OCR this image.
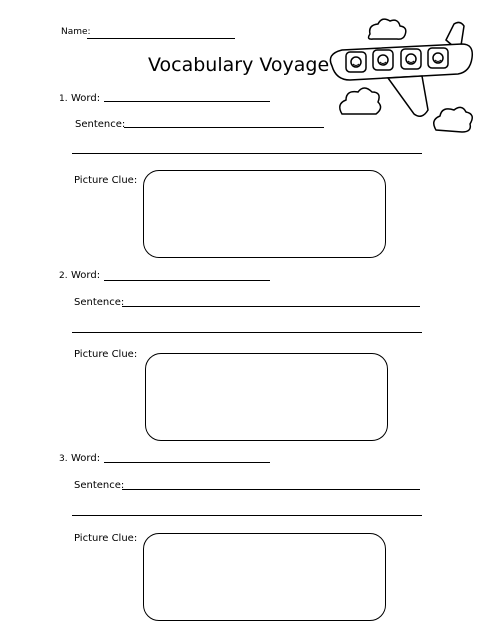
Name:
Vocabulary Voyage
1. Word:
Sentence:
Picture Clue:
2. Word:
Sentence:
Picture Clue:
3. Word:
Sentence:
Picture Clue:
